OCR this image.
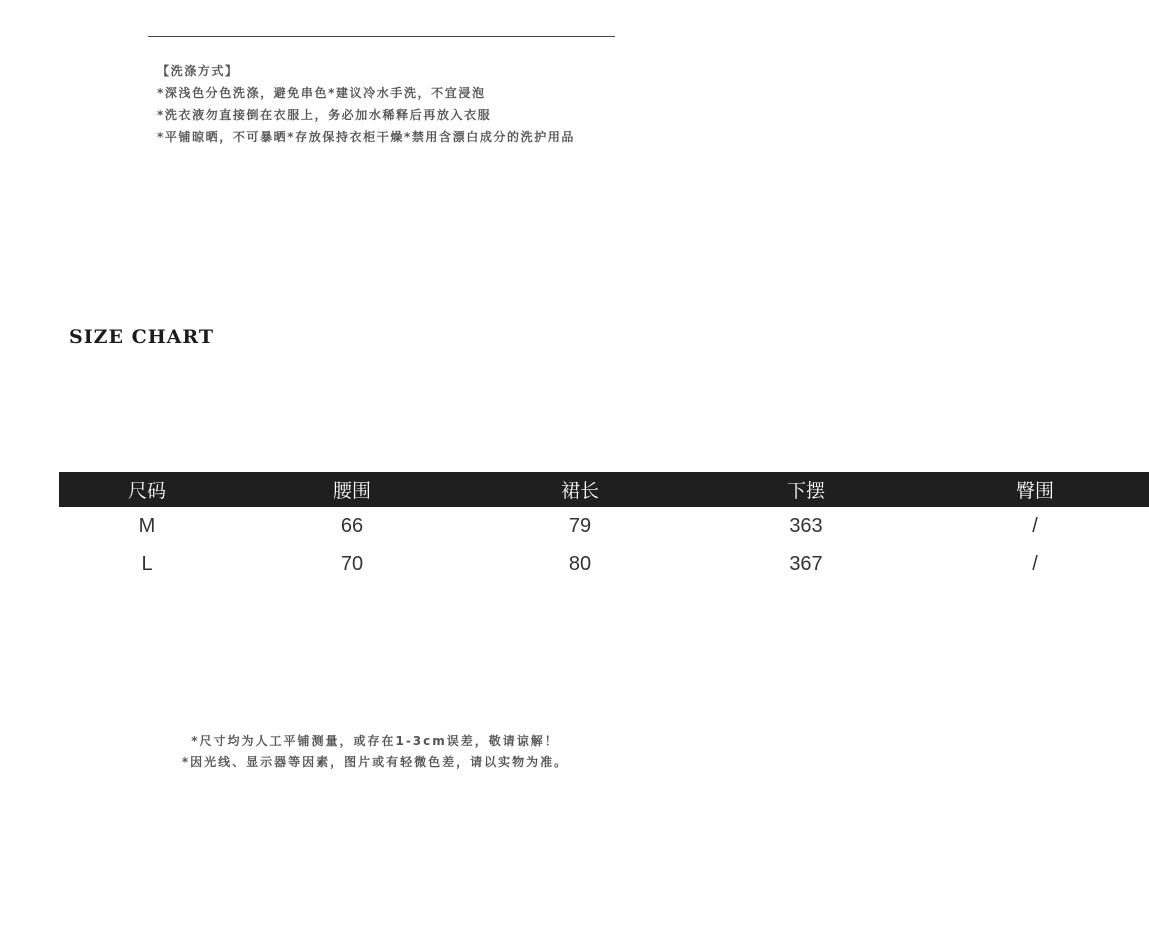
【洗涤方式】
*深浅色分色洗涤，避免串色*建议冷水手洗，不宜浸泡
*洗衣液勿直接倒在衣服上，务必加水稀释后再放入衣服
*平铺晾晒，不可暴晒*存放保持衣柜干燥*禁用含漂白成分的洗护用品
SIZE CHART
尺码	腰围	裙长	下摆	臀围
M	66	79	363	/
L	70	80	367	/
*尺寸均为人工平铺测量，或存在1-3cm误差，敬请谅解！
*因光线、显示器等因素，图片或有轻微色差，请以实物为准。
